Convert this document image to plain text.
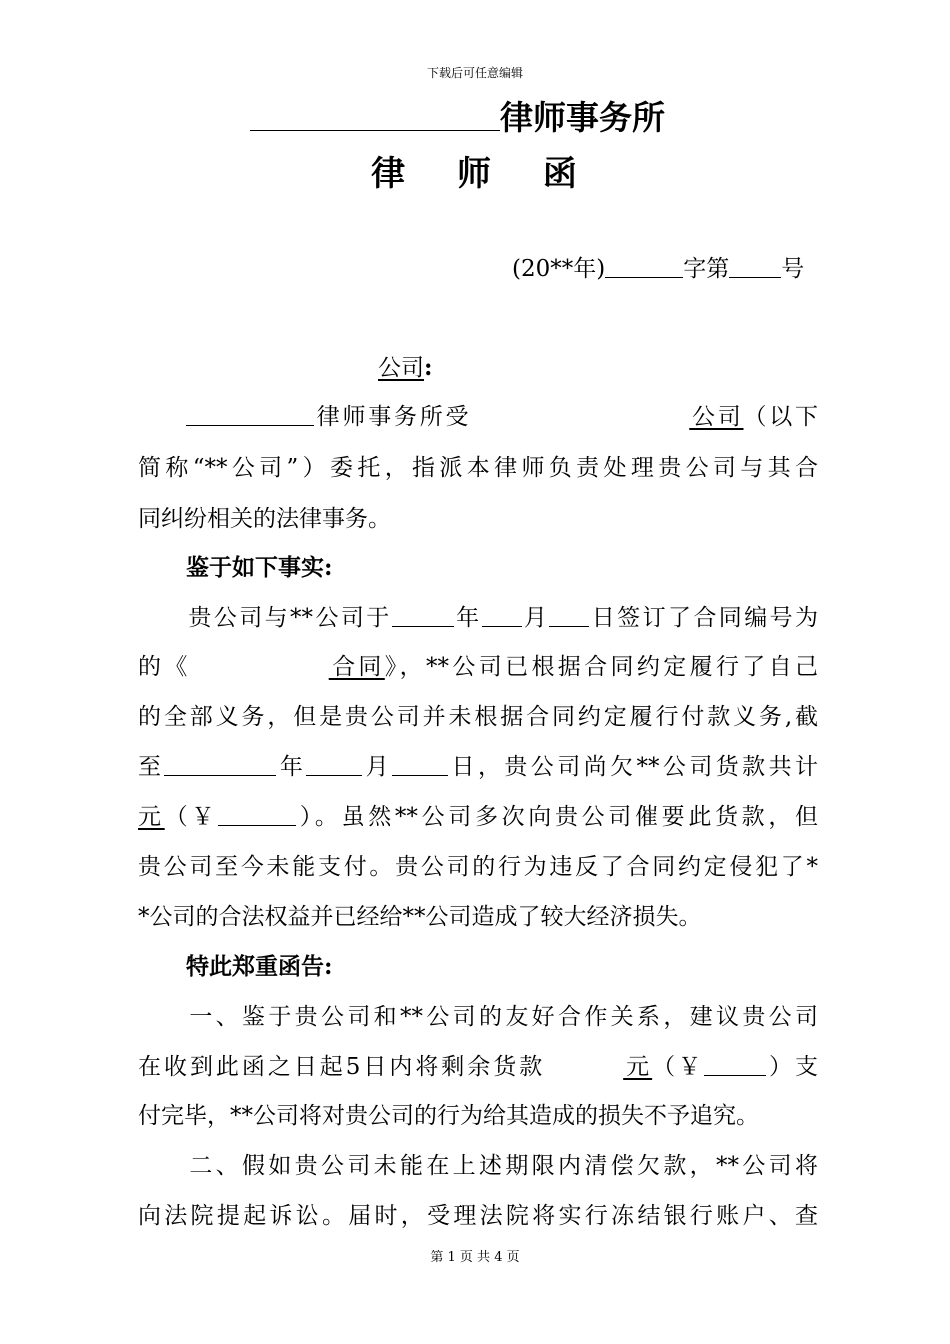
下载后可任意编辑
律师事务所
律 师 函
(20**年)	字第 号
公司:
律师事务所受	公司（以下
简称“**公司”）委托，指派本律师负责处理贵公司与其合
同纠纷相关的法律事务。
鉴于如下事实:
贵公司与**公司于	年 月 日签订了合同编号为
的《	合同》，**公司已根据合同约定履行了自己
的全部义务，但是贵公司并未根据合同约定履行付款义务,截
至	年 月 日，贵公司尚欠**公司货款共计
元（￥	）。虽然**公司多次向贵公司催要此货款，但
贵公司至今未能支付。贵公司的行为违反了合同约定侵犯了*
*公司的合法权益并已经给**公司造成了较大经济损失。
特此郑重函告:
一、鉴于贵公司和**公司的友好合作关系，建议贵公司
在收到此函之日起5日内将剩余货款	元（￥	）支
付完毕，**公司将对贵公司的行为给其造成的损失不予追究。
二、假如贵公司未能在上述期限内清偿欠款，**公司将
向法院提起诉讼。届时，受理法院将实行冻结银行账户、查
第 1 页 共 4 页
